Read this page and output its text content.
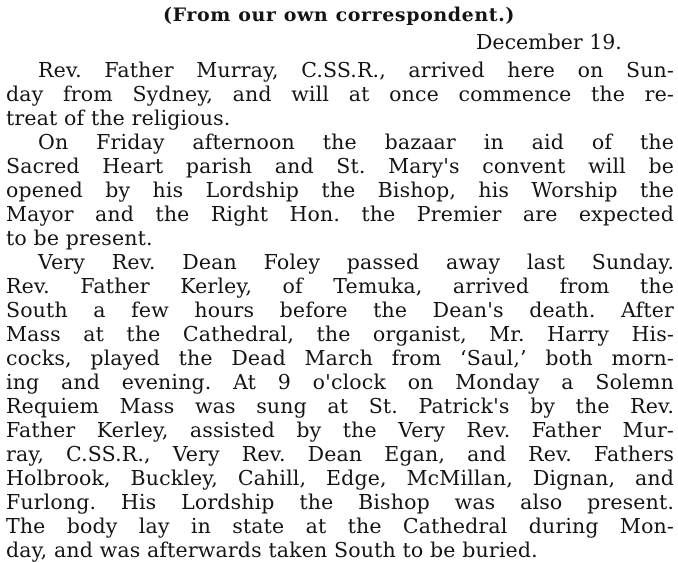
(From our own correspondent.)
December 19.
Rev. Father Murray, C.SS.R., arrived here on Sun-
day from Sydney, and will at once commence the re-
treat of the religious.
On Friday afternoon the bazaar in aid of the
Sacred Heart parish and St. Mary's convent will be
opened by his Lordship the Bishop, his Worship the
Mayor and the Right Hon. the Premier are expected
to be present.
Very Rev. Dean Foley passed away last Sunday.
Rev. Father Kerley, of Temuka, arrived from the
South a few hours before the Dean's death. After
Mass at the Cathedral, the organist, Mr. Harry His-
cocks, played the Dead March from ‘Saul,’ both morn-
ing and evening. At 9 o'clock on Monday a Solemn
Requiem Mass was sung at St. Patrick's by the Rev.
Father Kerley, assisted by the Very Rev. Father Mur-
ray, C.SS.R., Very Rev. Dean Egan, and Rev. Fathers
Holbrook, Buckley, Cahill, Edge, McMillan, Dignan, and
Furlong. His Lordship the Bishop was also present.
The body lay in state at the Cathedral during Mon-
day, and was afterwards taken South to be buried.
